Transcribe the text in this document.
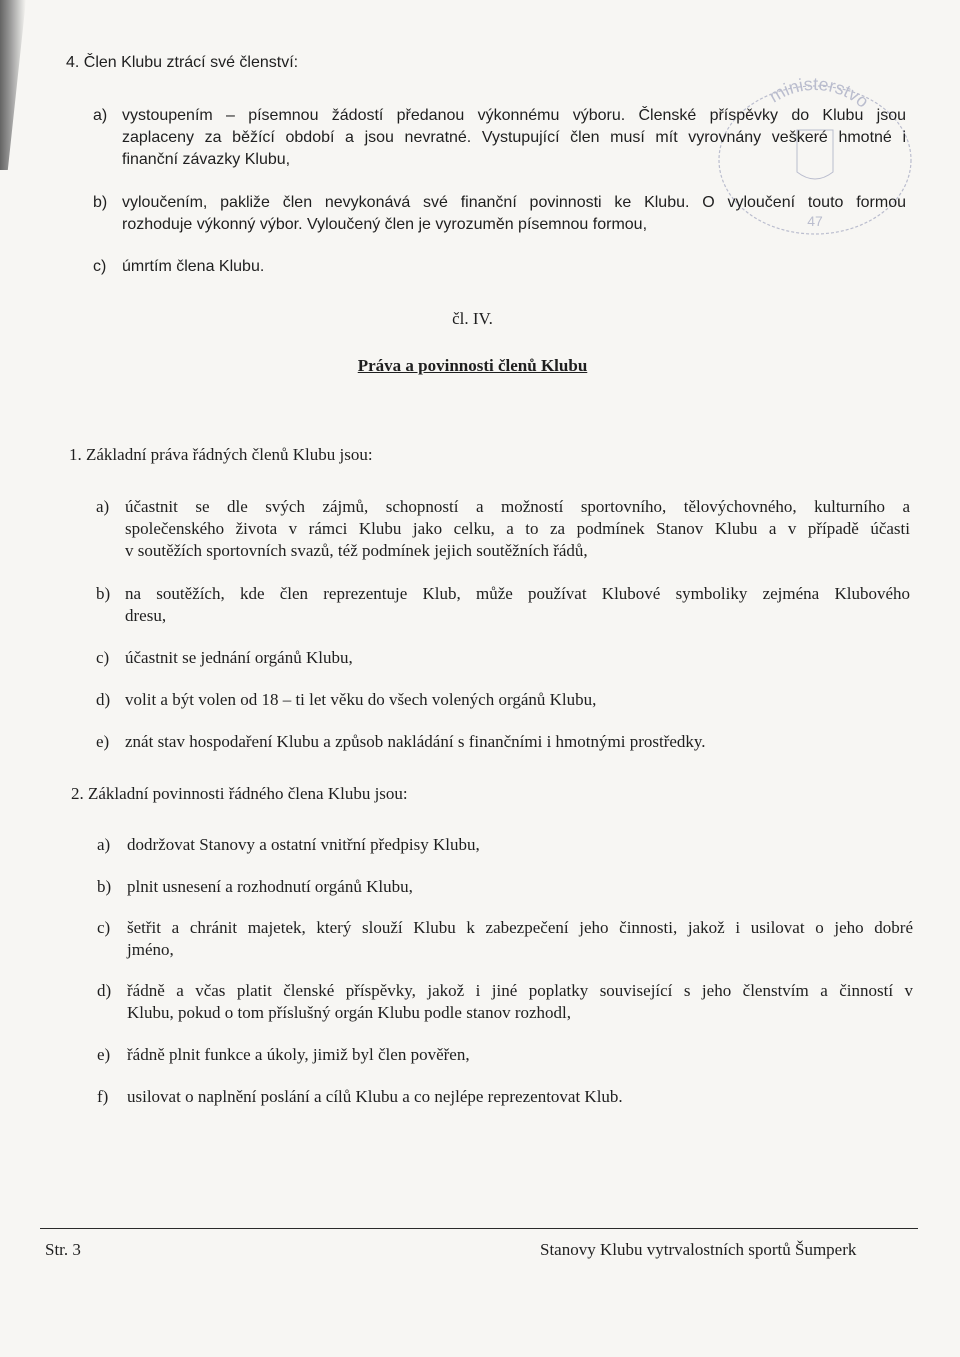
ministerstvo
47
4. Člen Klubu ztrácí své členství:
a) vystoupením – písemnou žádostí předanou výkonnému výboru. Členské příspěvky do Klubu jsou
zaplaceny za běžící období a jsou nevratné. Vystupující člen musí mít vyrovnány veškeré hmotné i
finanční závazky Klubu,
b) vyloučením, pakliže člen nevykonává své finanční povinnosti ke Klubu. O vyloučení touto formou
rozhoduje výkonný výbor. Vyloučený člen je vyrozuměn písemnou formou,
c) úmrtím člena Klubu.
čl. IV.
Práva a povinnosti členů Klubu
1. Základní práva řádných členů Klubu jsou:
a) účastnit se dle svých zájmů, schopností a možností sportovního, tělovýchovného, kulturního a
společenského života v rámci Klubu jako celku, a to za podmínek Stanov Klubu a v případě účasti
v soutěžích sportovních svazů, též podmínek jejich soutěžních řádů,
b) na soutěžích, kde člen reprezentuje Klub, může používat Klubové symboliky zejména Klubového
dresu,
c) účastnit se jednání orgánů Klubu,
d) volit a být volen od 18 – ti let věku do všech volených orgánů Klubu,
e) znát stav hospodaření Klubu a způsob nakládání s finančními i hmotnými prostředky.
2. Základní povinnosti řádného člena Klubu jsou:
a) dodržovat Stanovy a ostatní vnitřní předpisy Klubu,
b) plnit usnesení a rozhodnutí orgánů Klubu,
c) šetřit a chránit majetek, který slouží Klubu k zabezpečení jeho činnosti, jakož i usilovat o jeho dobré
jméno,
d) řádně a včas platit členské příspěvky, jakož i jiné poplatky související s jeho členstvím a činností v
Klubu, pokud o tom příslušný orgán Klubu podle stanov rozhodl,
e) řádně plnit funkce a úkoly, jimiž byl člen pověřen,
f) usilovat o naplnění poslání a cílů Klubu a co nejlépe reprezentovat Klub.
Str. 3	Stanovy Klubu vytrvalostních sportů Šumperk
